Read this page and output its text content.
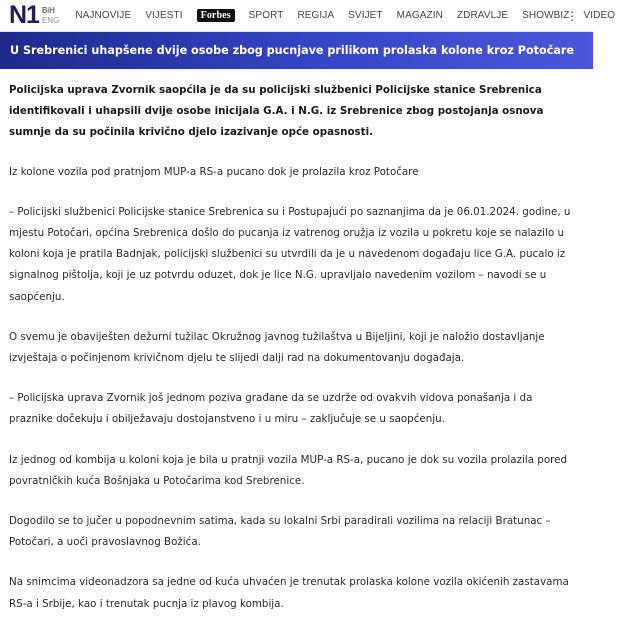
N1 BiH
ENG NAJNOVIJE VIJESTI	Forbes	SPORT REGIJA SVIJET MAGAZIN ZDRAVLJE SHOWBIZ VIDEO
⋮
U Srebrenici uhapšene dvije osobe zbog pucnjave prilikom prolaska kolone kroz Potočare

Policijska uprava Zvornik saopćila je da su policijski službenici Policijske stanice Srebrenica identifikovali i uhapsili dvije osobe inicijala G.A. i N.G. iz Srebrenice zbog postojanja osnova sumnje da su počinila krivično djelo izazivanje opće opasnosti.

Iz kolone vozila pod pratnjom MUP-a RS-a pucano dok je prolazila kroz Potočare

– Policijski službenici Policijske stanice Srebrenica su i Postupajući po saznanjima da je 06.01.2024. godine, u mjestu Potočari, općina Srebrenica došlo do pucanja iz vatrenog oružja iz vozila u pokretu koje se nalazilo u koloni koja je pratila Badnjak, policijski službenici su utvrdili da je u navedenom događaju lice G.A. pucalo iz signalnog pištolja, koji je uz potvrdu oduzet, dok je lice N.G. upravljalo navedenim vozilom – navodi se u saopćenju.

O svemu je obaviješten dežurni tužilac Okružnog javnog tužilaštva u Bijeljini, koji je naložio dostavljanje izvještaja o počinjenom krivičnom djelu te slijedi dalji rad na dokumentovanju događaja.

– Policijska uprava Zvornik još jednom poziva građane da se uzdrže od ovakvih vidova ponašanja i da praznike dočekuju i obilježavaju dostojanstveno i u miru – zaključuje se u saopćenju.

Iz jednog od kombija u koloni koja je bila u pratnji vozila MUP-a RS-a, pucano je dok su vozila prolazila pored povratničkih kuća Bošnjaka u Potočarima kod Srebrenice.

Dogodilo se to jučer u popodnevnim satima, kada su lokalni Srbi paradirali vozilima na relaciji Bratunac – Potočari, a uoči pravoslavnog Božića.

Na snimcima videonadzora sa jedne od kuća uhvaćen je trenutak prolaska kolone vozila okićenih zastavama RS-a i Srbije, kao i trenutak pucnja iz plavog kombija.
